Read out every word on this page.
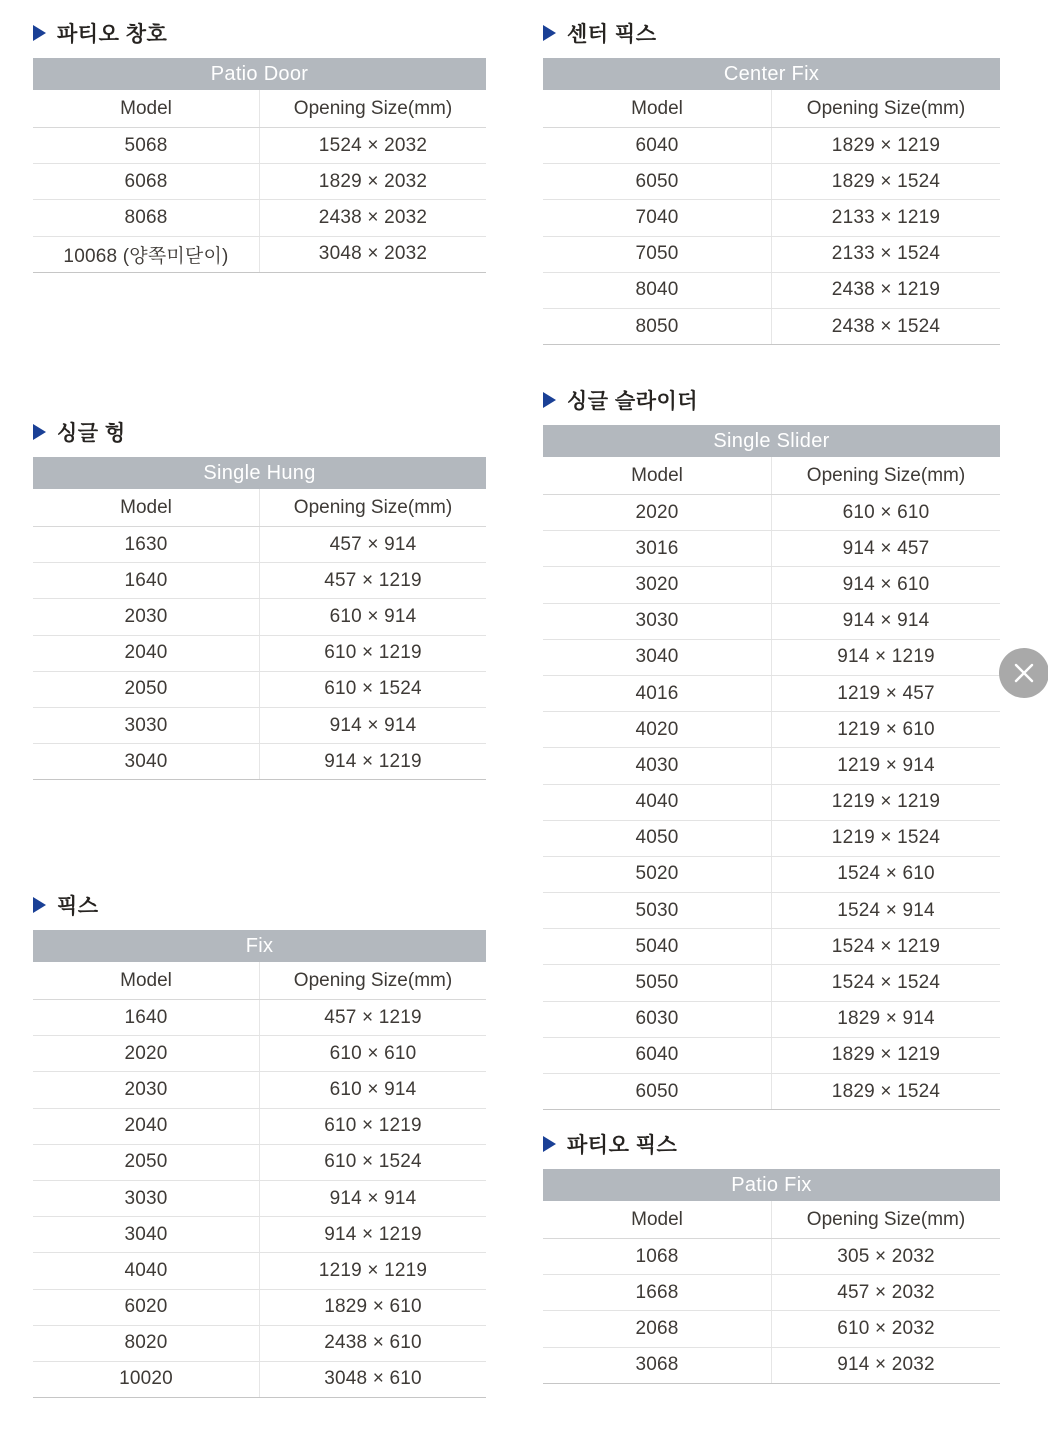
파티오 창호
Patio Door	
Model	Opening Size(mm)
5068	1524 × 2032
6068	1829 × 2032
8068	2438 × 2032
10068 (양쪽미닫이)	3048 × 2032
센터 픽스
Center Fix	
Model	Opening Size(mm)
6040	1829 × 1219
6050	1829 × 1524
7040	2133 × 1219
7050	2133 × 1524
8040	2438 × 1219
8050	2438 × 1524
싱글 헝
Single Hung	
Model	Opening Size(mm)
1630	457 × 914
1640	457 × 1219
2030	610 × 914
2040	610 × 1219
2050	610 × 1524
3030	914 × 914
3040	914 × 1219
싱글 슬라이더
Single Slider	
Model	Opening Size(mm)
2020	610 × 610
3016	914 × 457
3020	914 × 610
3030	914 × 914
3040	914 × 1219
4016	1219 × 457
4020	1219 × 610
4030	1219 × 914
4040	1219 × 1219
4050	1219 × 1524
5020	1524 × 610
5030	1524 × 914
5040	1524 × 1219
5050	1524 × 1524
6030	1829 × 914
6040	1829 × 1219
6050	1829 × 1524
픽스
Fix	
Model	Opening Size(mm)
1640	457 × 1219
2020	610 × 610
2030	610 × 914
2040	610 × 1219
2050	610 × 1524
3030	914 × 914
3040	914 × 1219
4040	1219 × 1219
6020	1829 × 610
8020	2438 × 610
10020	3048 × 610
파티오 픽스
Patio Fix	
Model	Opening Size(mm)
1068	305 × 2032
1668	457 × 2032
2068	610 × 2032
3068	914 × 2032
